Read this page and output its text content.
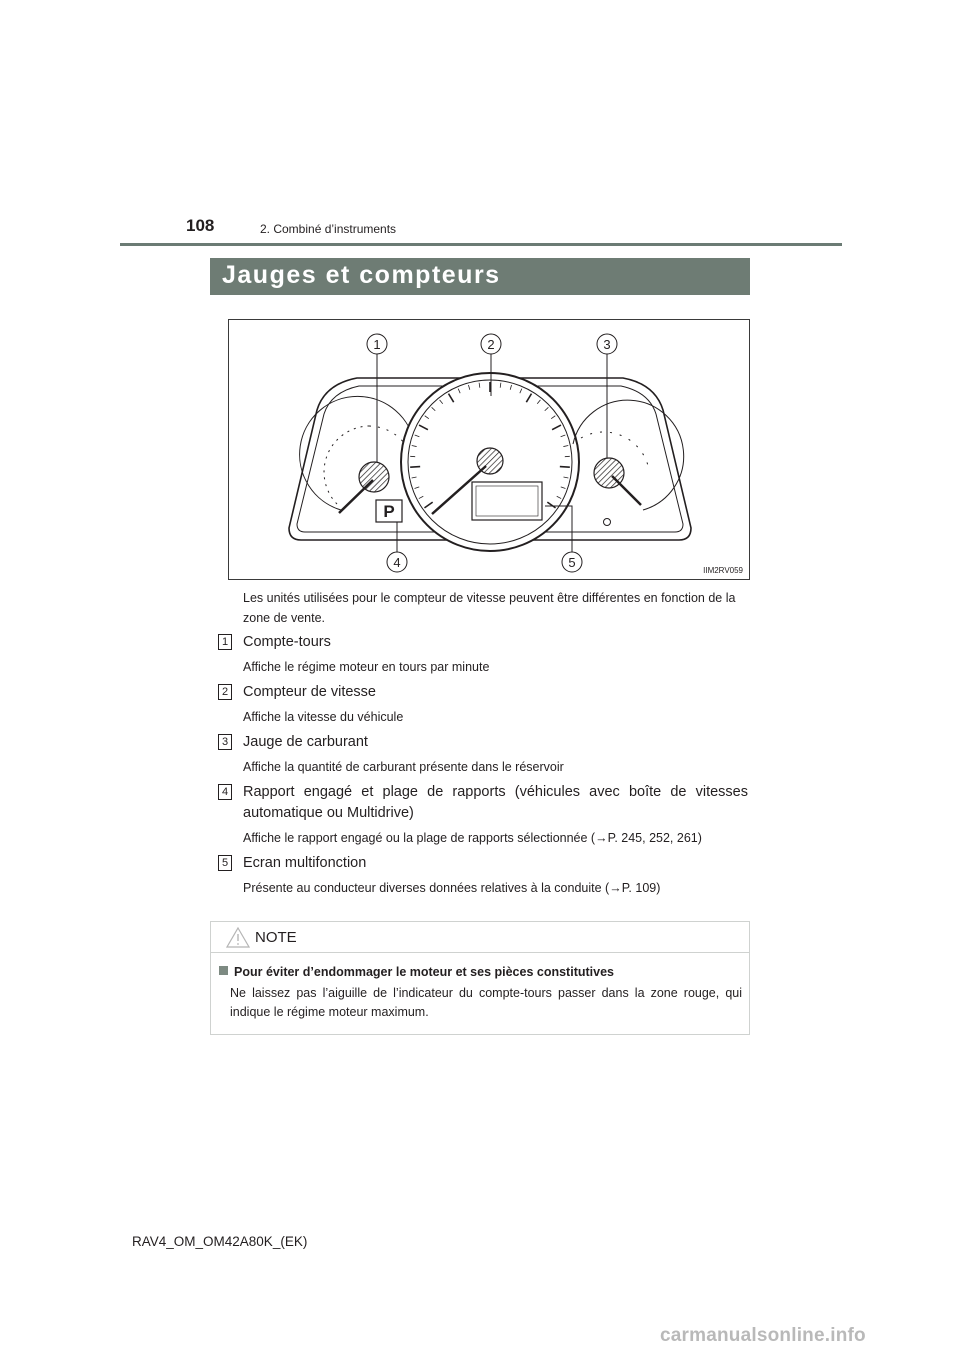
108	2. Combiné d’instruments
Jauges et compteurs
P
1	2	3
4	5
IIM2RV059
Les unités utilisées pour le compteur de vitesse peuvent être différentes en fonction de la zone de vente.
1 Compte-tours
Affiche le régime moteur en tours par minute
2 Compteur de vitesse
Affiche la vitesse du véhicule
3 Jauge de carburant
Affiche la quantité de carburant présente dans le réservoir
4 Rapport engagé et plage de rapports (véhicules avec boîte de vitesses automatique ou Multidrive)
Affiche le rapport engagé ou la plage de rapports sélectionnée (→P. 245, 252, 261)
5 Ecran multifonction
Présente au conducteur diverses données relatives à la conduite (→P. 109)
NOTE
Pour éviter d’endommager le moteur et ses pièces constitutives
Ne laissez pas l’aiguille de l’indicateur du compte-tours passer dans la zone rouge, qui indique le régime moteur maximum.
RAV4_OM_OM42A80K_(EK)
carmanualsonline.info
